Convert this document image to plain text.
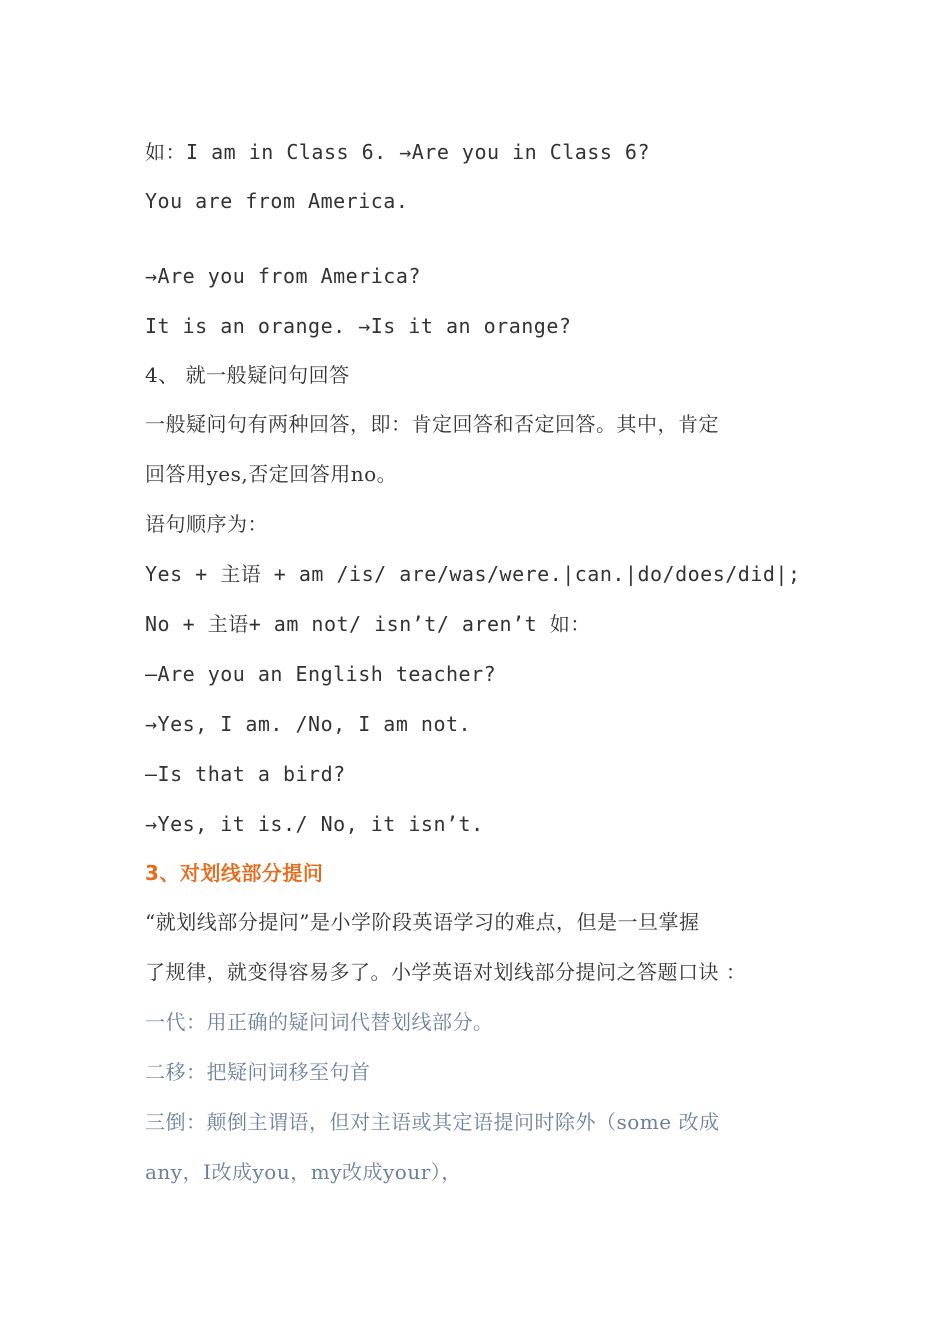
如：I am in Class 6. →Are you in Class 6?
You are from America.
→Are you from America?
It is an orange. →Is it an orange?
4、 就一般疑问句回答
一般疑问句有两种回答，即：肯定回答和否定回答。其中，肯定
回答用yes,否定回答用no。
语句顺序为：
Yes + 主语 + am /is/ are/was/were.|can.|do/does/did|;
No + 主语+ am not/ isn’t/ aren’t 如：
—Are you an English teacher?
→Yes, I am. /No, I am not.
—Is that a bird?
→Yes, it is./ No, it isn’t.
3、对划线部分提问
“就划线部分提问”是小学阶段英语学习的难点，但是一旦掌握
了规律，就变得容易多了。小学英语对划线部分提问之答题口诀 ：
一代：用正确的疑问词代替划线部分。
二移：把疑问词移至句首
三倒：颠倒主谓语，但对主语或其定语提问时除外（some 改成
any，I改成you，my改成your），
